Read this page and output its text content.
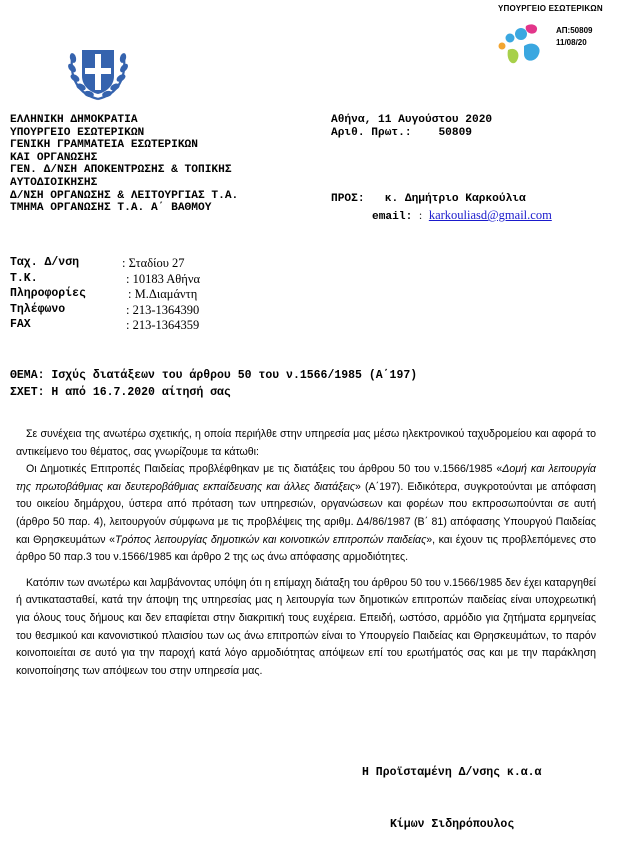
ΥΠΟΥΡΓΕΙΟ ΕΣΩΤΕΡΙΚΩΝ
ΑΠ:50809
11/08/20
ΕΛΛΗΝΙΚΗ ΔΗΜΟΚΡΑΤΙΑ
ΥΠΟΥΡΓΕΙΟ ΕΣΩΤΕΡΙΚΩΝ
ΓΕΝΙΚΗ ΓΡΑΜΜΑΤΕΙΑ ΕΣΩΤΕΡΙΚΩΝ
ΚΑΙ ΟΡΓΑΝΩΣΗΣ
ΓΕΝ. Δ/ΝΣΗ ΑΠΟΚΕΝΤΡΩΣΗΣ & ΤΟΠΙΚΗΣ
ΑΥΤΟΔΙΟΙΚΗΣΗΣ
Δ/ΝΣΗ ΟΡΓΑΝΩΣΗΣ & ΛΕΙΤΟΥΡΓΙΑΣ Τ.Α.
ΤΜΗΜΑ ΟΡΓΑΝΩΣΗΣ Τ.Α. Α΄ ΒΑΘΜΟΥ
Αθήνα, 11 Αυγούστου 2020
Αριθ. Πρωτ.: 50809
ΠΡΟΣ: κ. Δημήτριο Καρκούλια
email: : karkouliasd@gmail.com
Ταχ. Δ/νση	: Σταδίου 27
Τ.Κ.	: 10183 Αθήνα
Πληροφορίες	: Μ.Διαμάντη
Τηλέφωνο	: 213-1364390
FAX	: 213-1364359
ΘΕΜΑ: Ισχύς διατάξεων του άρθρου 50 του ν.1566/1985 (Α΄197)
ΣΧΕΤ: Η από 16.7.2020 αίτησή σας

Σε συνέχεια της ανωτέρω σχετικής, η οποία περιήλθε στην υπηρεσία μας μέσω ηλεκτρονικού ταχυδρομείου και αφορά το αντικείμενο του θέματος, σας γνωρίζουμε τα κάτωθι:

Οι Δημοτικές Επιτροπές Παιδείας προβλέφθηκαν με τις διατάξεις του άρθρου 50 του ν.1566/1985 «Δομή και λειτουργία της πρωτοβάθμιας και δευτεροβάθμιας εκπαίδευσης και άλλες διατάξεις» (Α΄197). Ειδικότερα, συγκροτούνται με απόφαση του οικείου δημάρχου, ύστερα από πρόταση των υπηρεσιών, οργανώσεων και φορέων που εκπροσωπούνται σε αυτή (άρθρο 50 παρ. 4), λειτουργούν σύμφωνα με τις προβλέψεις της αριθμ. Δ4/86/1987 (Β΄ 81) απόφασης Υπουργού Παιδείας και Θρησκευμάτων «Τρόπος λειτουργίας δημοτικών και κοινοτικών επιτροπών παιδείας», και έχουν τις προβλεπόμενες στο άρθρο 50 παρ.3 του ν.1566/1985 και άρθρο 2 της ως άνω απόφασης αρμοδιότητες.

Κατόπιν των ανωτέρω και λαμβάνοντας υπόψη ότι η επίμαχη διάταξη του άρθρου 50 του ν.1566/1985 δεν έχει καταργηθεί ή αντικατασταθεί, κατά την άποψη της υπηρεσίας μας η λειτουργία των δημοτικών επιτροπών παιδείας είναι υποχρεωτική για όλους τους δήμους και δεν επαφίεται στην διακριτική τους ευχέρεια. Επειδή, ωστόσο, αρμόδιο για ζητήματα ερμηνείας του θεσμικού και κανονιστικού πλαισίου των ως άνω επιτροπών είναι το Υπουργείο Παιδείας και Θρησκευμάτων, το παρόν κοινοποιείται σε αυτό για την παροχή κατά λόγο αρμοδιότητας απόψεων επί του ερωτήματός σας και με την παράκληση κοινοποίησης των απόψεων του στην υπηρεσία μας.

Η Προϊσταμένη Δ/νσης κ.α.α
Κίμων Σιδηρόπουλος
